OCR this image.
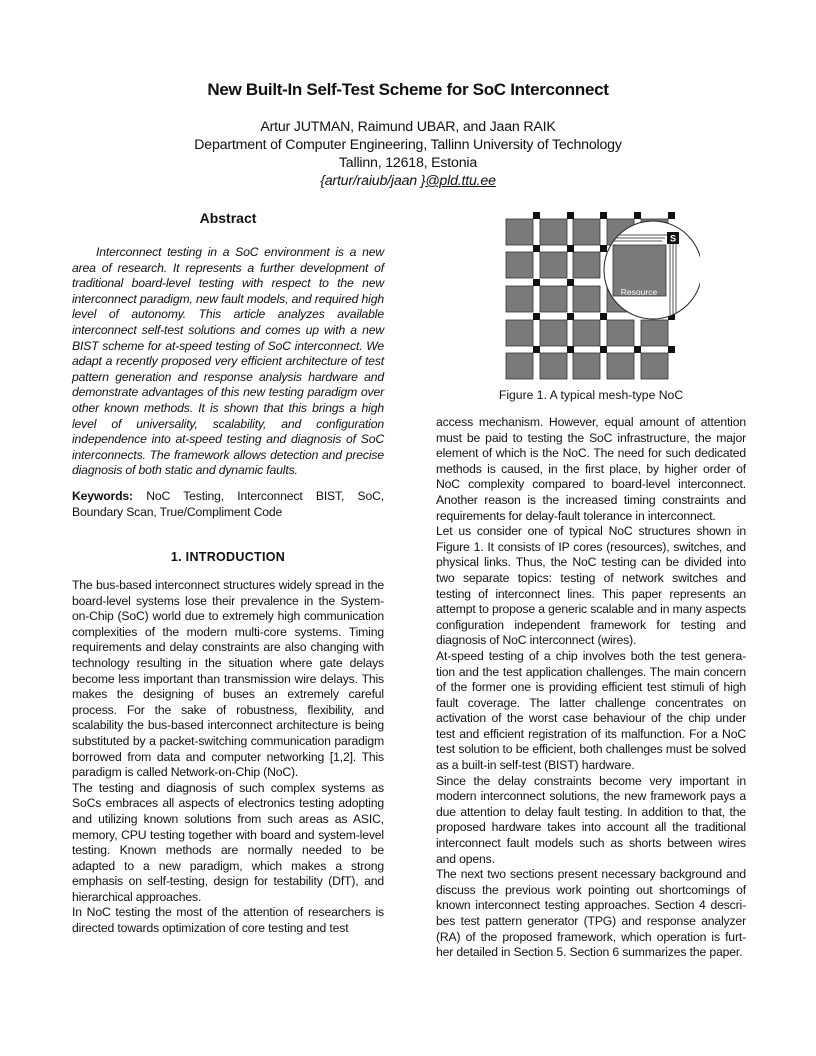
New Built-In Self-Test Scheme for SoC Interconnect
Artur JUTMAN, Raimund UBAR, and Jaan RAIK
Department of Computer Engineering, Tallinn University of Technology
Tallinn, 12618, Estonia
{artur/raiub/jaan }@pld.ttu.ee
Abstract

Interconnect testing in a SoC environment is a new area of research. It represents a further development of traditional board-level testing with respect to the new interconnect paradigm, new fault models, and required high level of autonomy. This article analyzes available interconnect self-test solutions and comes up with a new BIST scheme for at-speed testing of SoC interconnect. We adapt a recently proposed very efficient architecture of test pattern generation and response analysis hardware and demonstrate advantages of this new testing paradigm over other known methods. It is shown that this brings a high level of universality, scalability, and configuration independence into at-speed testing and diagnosis of SoC interconnects. The framework allows detection and precise diagnosis of both static and dynamic faults.

Keywords: NoC Testing, Interconnect BIST, SoC, Boundary Scan, True/Compliment Code
1. INTRODUCTION

The bus-based interconnect structures widely spread in the board-level systems lose their prevalence in the System-on-Chip (SoC) world due to extremely high communication complexities of the modern multi-core systems. Timing requirements and delay constraints are also changing with technology resulting in the situation where gate delays become less important than transmission wire delays. This makes the designing of buses an extremely careful process. For the sake of robustness, flexibility, and scalability the bus-based interconnect architecture is being substituted by a packet-switching communication paradigm borrowed from data and computer networking [1,2]. This paradigm is called Network-on-Chip (NoC).

The testing and diagnosis of such complex systems as SoCs embraces all aspects of electronics testing adopting and utilizing known solutions from such areas as ASIC, memory, CPU testing together with board and system-level testing. Known methods are normally needed to be adapted to a new paradigm, which makes a strong emphasis on self-testing, design for testability (DfT), and hierarchical approaches.

In NoC testing the most of the attention of researchers is directed towards optimization of core testing and test

S
Resource
Figure 1. A typical mesh-type NoC

access mechanism. However, equal amount of attention must be paid to testing the SoC infrastructure, the major element of which is the NoC. The need for such dedicated methods is caused, in the first place, by higher order of NoC complexity compared to board-level interconnect. Another reason is the increased timing constraints and requirements for delay-fault tolerance in interconnect.

Let us consider one of typical NoC structures shown in Figure 1. It consists of IP cores (resources), switches, and physical links. Thus, the NoC testing can be divided into two separate topics: testing of network switches and testing of interconnect lines. This paper represents an attempt to propose a generic scalable and in many aspects configuration independent framework for testing and diagnosis of NoC interconnect (wires).

At-speed testing of a chip involves both the test genera-tion and the test application challenges. The main concern of the former one is providing efficient test stimuli of high fault coverage. The latter challenge concentrates on activation of the worst case behaviour of the chip under test and efficient registration of its malfunction. For a NoC test solution to be efficient, both challenges must be solved as a built-in self-test (BIST) hardware.

Since the delay constraints become very important in modern interconnect solutions, the new framework pays a due attention to delay fault testing. In addition to that, the proposed hardware takes into account all the traditional interconnect fault models such as shorts between wires and opens.

The next two sections present necessary background and discuss the previous work pointing out shortcomings of known interconnect testing approaches. Section 4 descri-bes test pattern generator (TPG) and response analyzer (RA) of the proposed framework, which operation is furt-her detailed in Section 5. Section 6 summarizes the paper.
